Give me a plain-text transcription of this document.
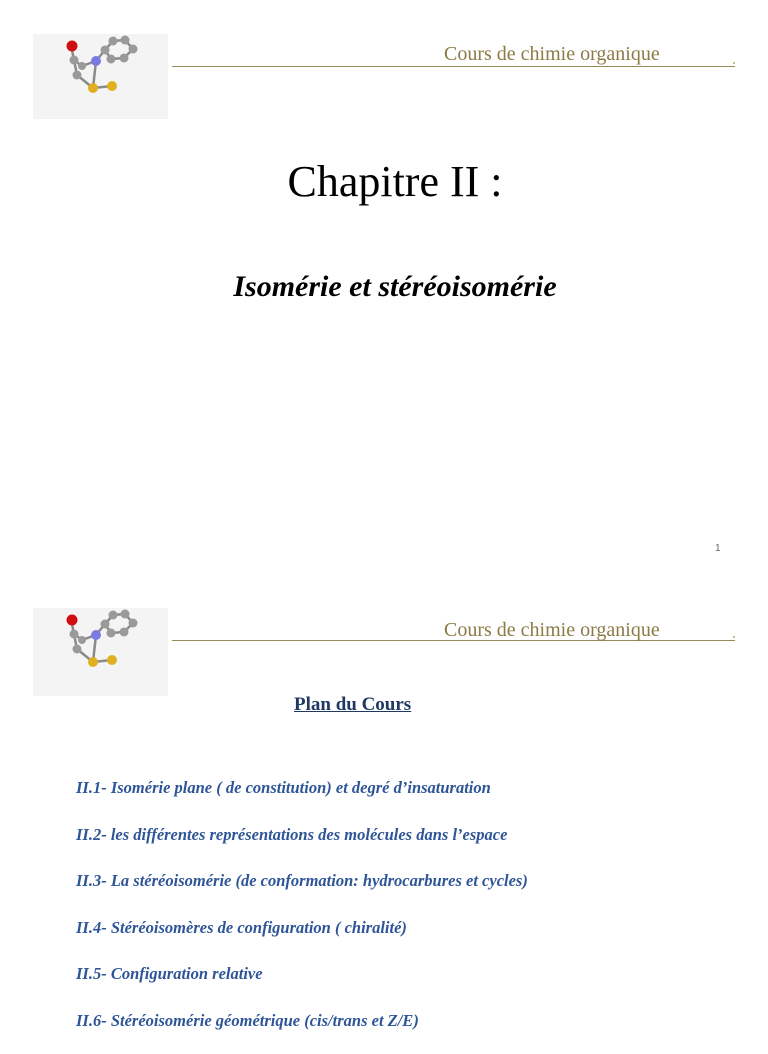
Cours de chimie organique
Chapitre II :
Isomérie et stéréoisomérie
1
Cours de chimie organique
Plan du Cours
II.1- Isomérie plane ( de constitution) et degré d’insaturation
II.2- les différentes représentations des molécules dans l’espace
II.3- La stéréoisomérie (de conformation: hydrocarbures et cycles)
II.4- Stéréoisomères de configuration ( chiralité)
II.5- Configuration relative
II.6- Stéréoisomérie géométrique (cis/trans et Z/E)
